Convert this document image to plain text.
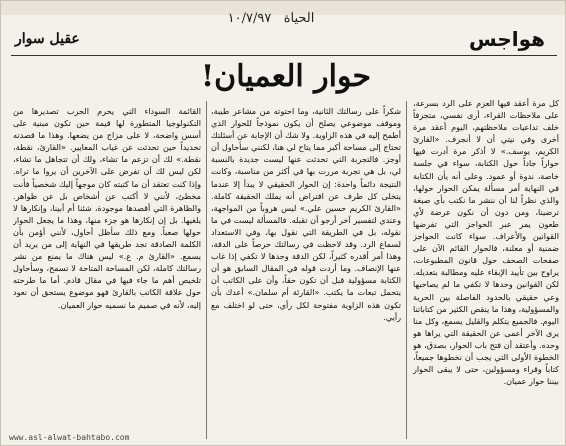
الحياة   ١٠/٧/٩٧
هواجس
عقيل سوار
حوار العميان!

كل مرة أعقد فيها العزم على الرد بسرعة، على ملاحظات القراء، أرى نفسي، متجرفاً خلف تداعيات ملاحظتهم، اليوم أعقد مرة أخرى وفي نيتي أن لا أنجرف. «القارئ الكريم، يوسف.» لا أذكر مرة أدرت فيها حواراً جاداً حول الكتابة، سواء في جلسة خاصة، ندوة أو عمود. وعلى أنه يأن الكتابة في النهاية أمر مسألة يمكن الحوار حولها، والذي نظراً لنا أن ننشر ما نكتب بأي صيغة ترضينا، ومن دون أن نكون عرضة لأي طعون يمر عبر الحواجز التي تفرضها القوانين والأعراف. سواء كانت الحواجز ضمنية أو معلنة، فالحوار القائم الآن على صفحات الصحف حول قانون المطبوعات، يراوح بين تأييد الإبقاء عليه ومطالبة بتعديله. لكن القوانين وحدها لا تكفي ما لم يصاحبها وعي حقيقي بالحدود الفاصلة بين الحرية والمسؤولية، وهذا ما ينقص الكثير من كتاباتنا اليوم. فالجميع يتكلم والقليل يسمع، وكل منا يرى الآخر أعمى عن الحقيقة التي يراها هو وحده. وأعتقد أن فتح باب الحوار، بصدق، هو الخطوة الأولى التي يجب أن نخطوها جميعاً، كتاباً وقراء ومسؤولين، حتى لا يبقى الحوار بيننا حوار عميان.

شكراً على رسالتك الثانية، وما احتوته من مشاعر طيبة، وموقف موضوعي يصلح أن يكون نموذجاً للحوار الذي أطمح إليه في هذه الزاوية. ولا شك أن الإجابة عن أسئلتك تحتاج إلى مساحة أكبر مما يتاح لي هنا، لكنني سأحاول أن أوجز. فالتجربة التي تحدثت عنها ليست جديدة بالنسبة لي، بل هي تجربة مررت بها في أكثر من مناسبة، وكانت النتيجة دائماً واحدة: إن الحوار الحقيقي لا يبدأ إلا عندما يتخلى كل طرف عن افتراض أنه يملك الحقيقة كاملة. «القارئ الكريم حسين علي.» ليس هروباً من المواجهة، وعندي لتفسير آخر أرجو أن تقبله. فالمسألة ليست في ما نقوله، بل في الطريقة التي نقول بها، وفي الاستعداد لسماع الرد. وقد لاحظت في رسالتك حرصاً على الدقة، وهذا أمر أقدره كثيراً، لكن الدقة وحدها لا تكفي إذا غاب عنها الإنصاف. وما أردت قوله في المقال السابق هو أن الكتابة مسؤولية قبل أن تكون حقاً، وأن على الكاتب أن يتحمل تبعات ما يكتب. «القارئة أم سلمان.» أعدك بأن تكون هذه الزاوية مفتوحة لكل رأي، حتى لو اختلف مع رأيي.

القائمة السوداء التي يحرم الحرب تصديرها من التكنولوجيا المتطورة لها قيمة حين تكون مبنية على أسس واضحة، لا على مزاج من يضعها. وهذا ما قصدته تحديداً حين تحدثت عن غياب المعايير. «القارئ، نقطة، نقطة.» لك أن تزعم ما تشاء، ولك أن تتجاهل ما تشاء، لكن ليس لك أن تفرض على الآخرين أن يروا ما تراه. وإذا كنت تعتقد أن ما كتبته كان موجهاً إليك شخصياً فأنت مخطئ، لأنني لا أكتب عن أشخاص بل عن ظواهر. والظاهرة التي أقصدها موجودة، شئنا أم أبينا، وإنكارها لا يلغيها. بل إن إنكارها هو جزء منها، وهذا ما يجعل الحوار حولها صعباً. ومع ذلك سأظل أحاول، لأنني أؤمن بأن الكلمة الصادقة تجد طريقها في النهاية إلى من يريد أن يسمع. «القارئ م. ع.» ليس هناك ما يمنع من نشر رسالتك كاملة، لكن المساحة المتاحة لا تسمح، وسأحاول تلخيص أهم ما جاء فيها في مقال قادم. أما ما طرحته حول علاقة الكاتب بالقارئ فهو موضوع يستحق أن نعود إليه، لأنه في صميم ما نسميه حوار العميان.

www.asl-alwat-bahtabo.com
